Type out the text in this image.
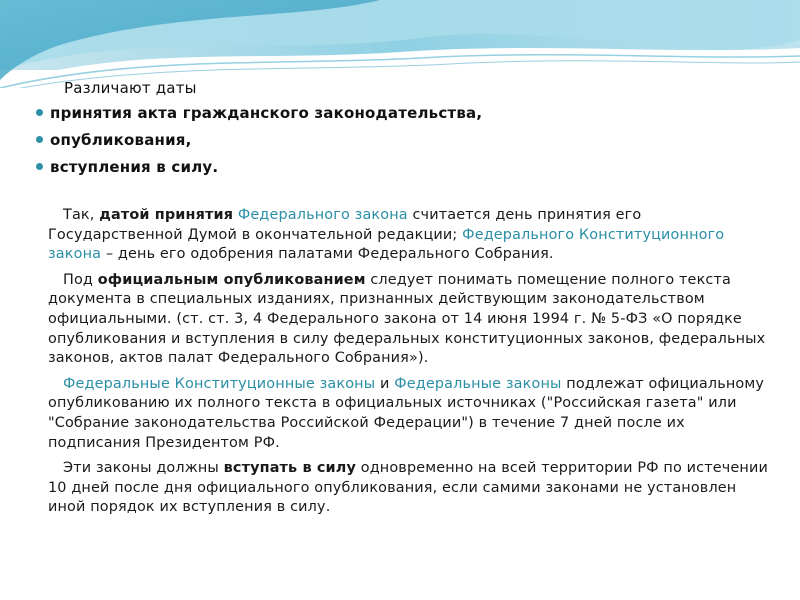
Различают даты
принятия акта гражданского законодательства,
опубликования,
вступления в силу.

Так, датой принятия Федерального закона считается день принятия его Государственной Думой в окончательной редакции; Федерального Конституционного закона – день его одобрения палатами Федерального Собрания.

Под официальным опубликованием следует понимать помещение полного текста документа в специальных изданиях, признанных действующим законодательством официальными. (ст. ст. 3, 4 Федерального закона от 14 июня 1994 г. № 5-ФЗ «О порядке опубликования и вступления в силу федеральных конституционных законов, федеральных законов, актов палат Федерального Собрания»).

Федеральные Конституционные законы и Федеральные законы подлежат официальному опубликованию их полного текста в официальных источниках ("Российская газета" или "Собрание законодательства Российской Федерации") в течение 7 дней после их подписания Президентом РФ.

Эти законы должны вступать в силу одновременно на всей территории РФ по истечении 10 дней после дня официального опубликования, если самими законами не установлен иной порядок их вступления в силу.
